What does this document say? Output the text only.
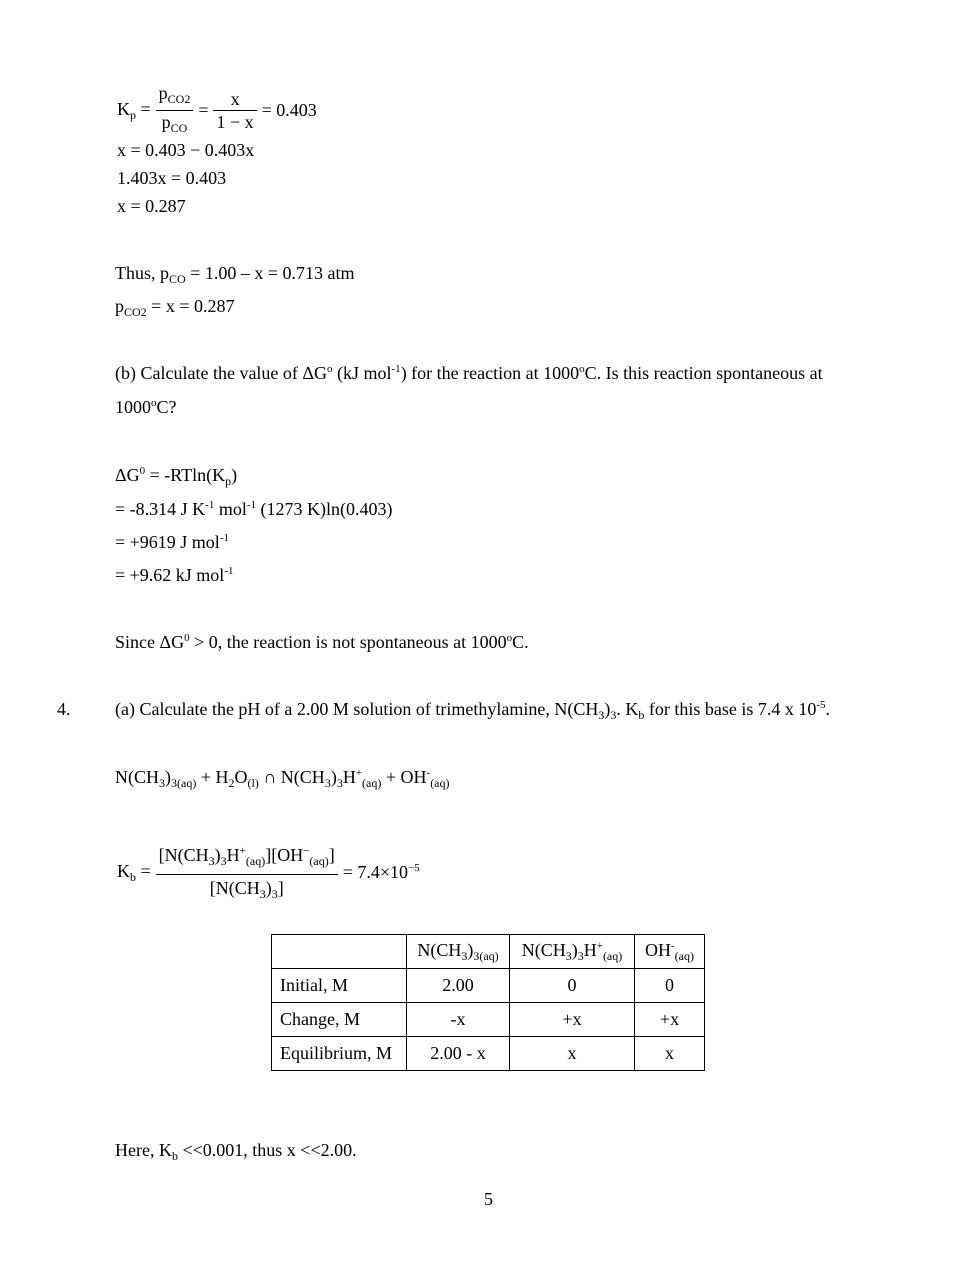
$K_p = \frac{p_{CO2}}{p_{CO}} = \frac{x}{1 - x} = 0.403$
x = 0.403 − 0.403x
1.403x = 0.403
x = 0.287
Thus, $p_{CO} = 1.00 - x = 0.713$ atm
$p_{CO2} = x = 0.287$
(b) Calculate the value of $\Delta G^o$ (kJ mol$^{-1}$) for the reaction at 1000$^o$C. Is this reaction spontaneous at
1000$^o$C?
$\Delta G^0 = -RTln(K_p)$
= -8.314 J $K^{-1}$ mol$^{-1}$ (1273 K)ln(0.403)
= +9619 J mol$^{-1}$
= +9.62 kJ mol$^{-1}$
Since $\Delta G^0 > 0$, the reaction is not spontaneous at 1000$^o$C.
4. (a) Calculate the pH of a 2.00 M solution of trimethylamine, $N(CH_3)_3$. $K_b$ for this base is 7.4 x $10^{-5}$.
$N(CH_3)_{3(aq)} + H_2O_{(l)}$ ∩ $N(CH_3)_3H^+_{(aq)} + OH^-_{(aq)}$
$K_b = \frac{[N(CH_3)_3H^+_{(aq)}][OH^-_{(aq)}]}{[N(CH_3)_3]} = 7.4\times 10^{-5}$
	$N(CH_3)_{3(aq)}$	$N(CH_3)_3H^+_{(aq)}$	$OH^-_{(aq)}$
Initial, M	2.00	0	0
Change, M	-x	+x	+x
Equilibrium, M	2.00 - x	x	x
Here, $K_b <<0.001$, thus x <<2.00.
5
